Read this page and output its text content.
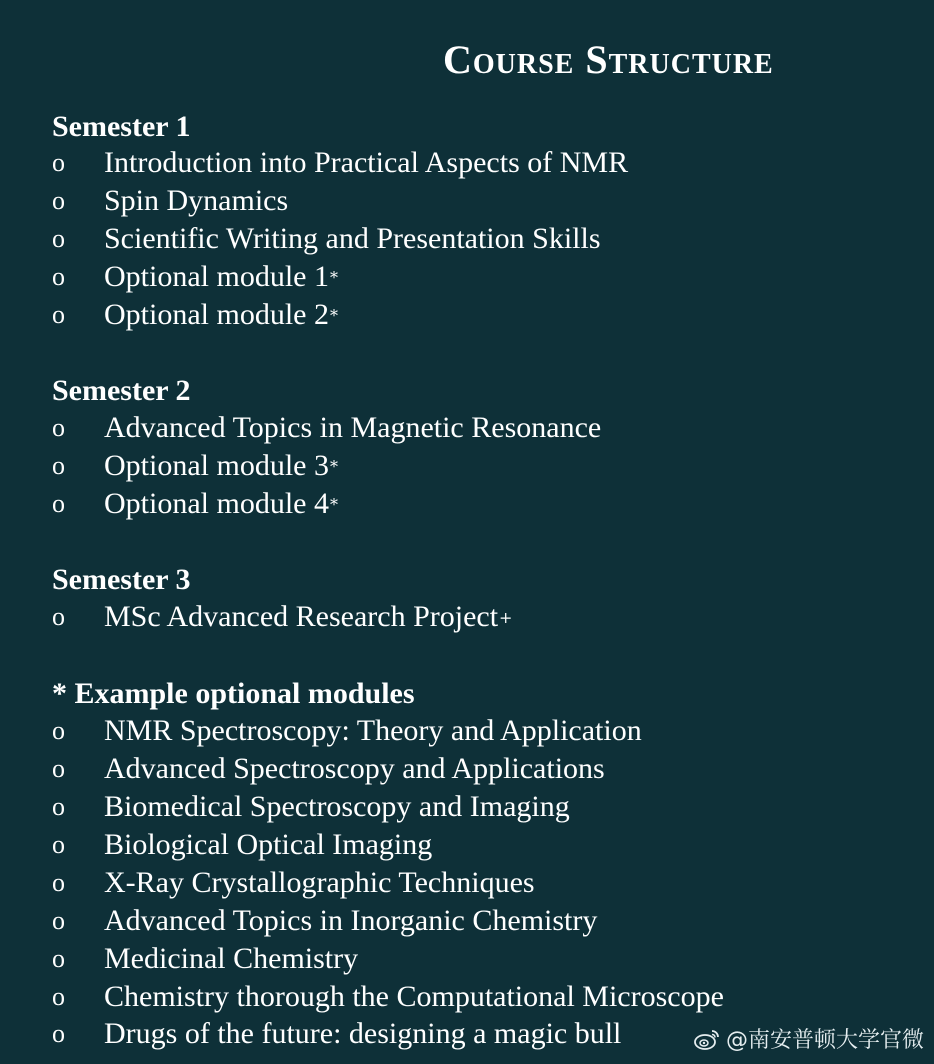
Course Structure
Semester 1
o	Introduction into Practical Aspects of NMR
o	Spin Dynamics
o	Scientific Writing and Presentation Skills
o	Optional module 1 *
o	Optional module 2 *
Semester 2
o	Advanced Topics in Magnetic Resonance
o	Optional module 3 *
o	Optional module 4 *
Semester 3
o	MSc Advanced Research Project +
* Example optional modules
o	NMR Spectroscopy: Theory and Application
o	Advanced Spectroscopy and Applications
o	Biomedical Spectroscopy and Imaging
o	Biological Optical Imaging
o	X-Ray Crystallographic Techniques
o	Advanced Topics in Inorganic Chemistry
o	Medicinal Chemistry
o	Chemistry thorough the Computational Microscope
o	Drugs of the future: designing a magic bull	@南安普顿大学官微
